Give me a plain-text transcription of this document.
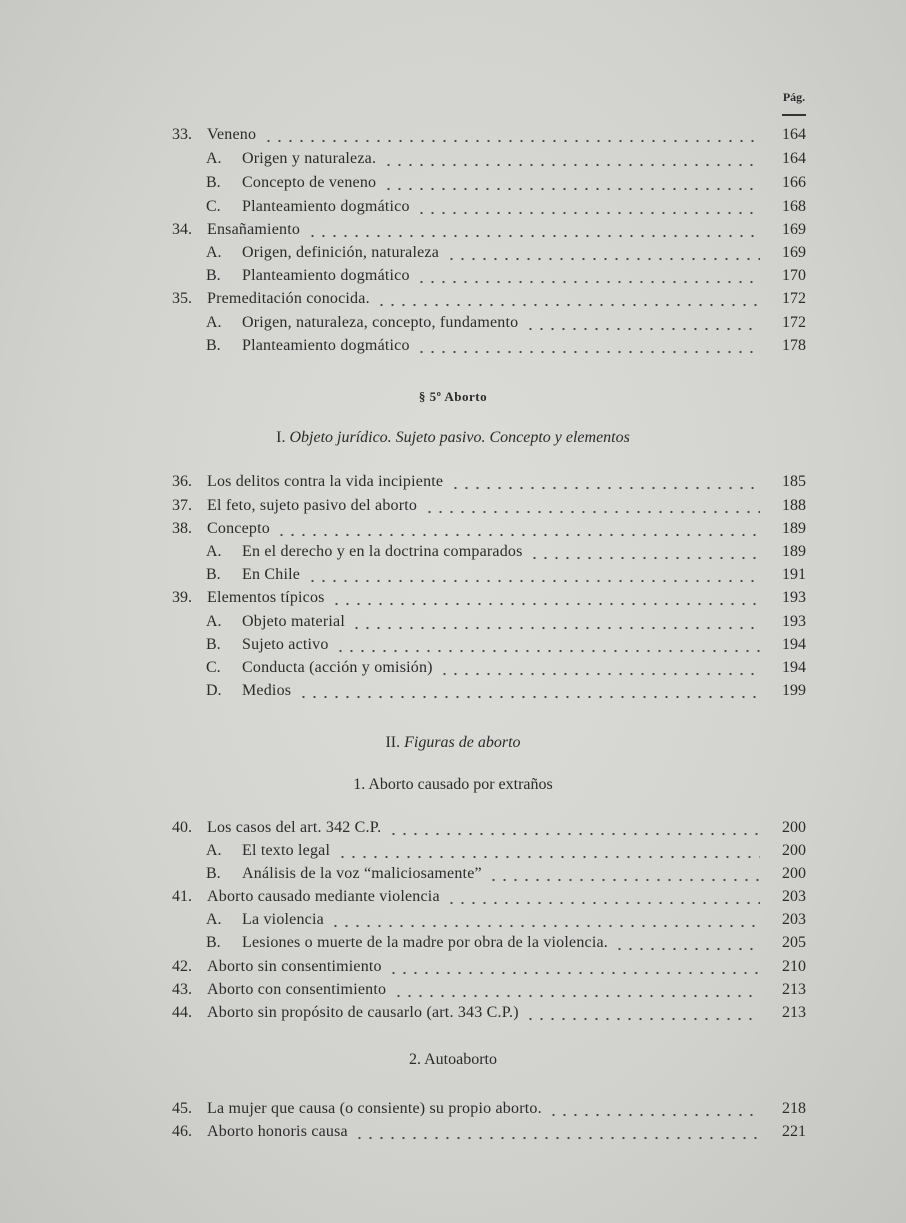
Pág.
33. Veneno	164
A.	Origen y naturaleza.	164
B.	Concepto de veneno	166
C.	Planteamiento dogmático	168
34. Ensañamiento	169
A.	Origen, definición, naturaleza	169
B.	Planteamiento dogmático	170
35. Premeditación conocida.	172
A.	Origen, naturaleza, concepto, fundamento	172
B.	Planteamiento dogmático	178
§ 5º Aborto
I. Objeto jurídico. Sujeto pasivo. Concepto y elementos
36. Los delitos contra la vida incipiente	185
37. El feto, sujeto pasivo del aborto	188
38. Concepto	189
A.	En el derecho y en la doctrina comparados	189
B.	En Chile	191
39. Elementos típicos	193
A.	Objeto material	193
B.	Sujeto activo	194
C.	Conducta (acción y omisión)	194
D.	Medios	199
II. Figuras de aborto
1. Aborto causado por extraños
40. Los casos del art. 342 C.P.	200
A.	El texto legal	200
B.	Análisis de la voz “maliciosamente”	200
41. Aborto causado mediante violencia	203
A.	La violencia	203
B.	Lesiones o muerte de la madre por obra de la violencia.	205
42. Aborto sin consentimiento	210
43. Aborto con consentimiento	213
44. Aborto sin propósito de causarlo (art. 343 C.P.)	213
2. Autoaborto
45. La mujer que causa (o consiente) su propio aborto.	218
46. Aborto honoris causa	221
